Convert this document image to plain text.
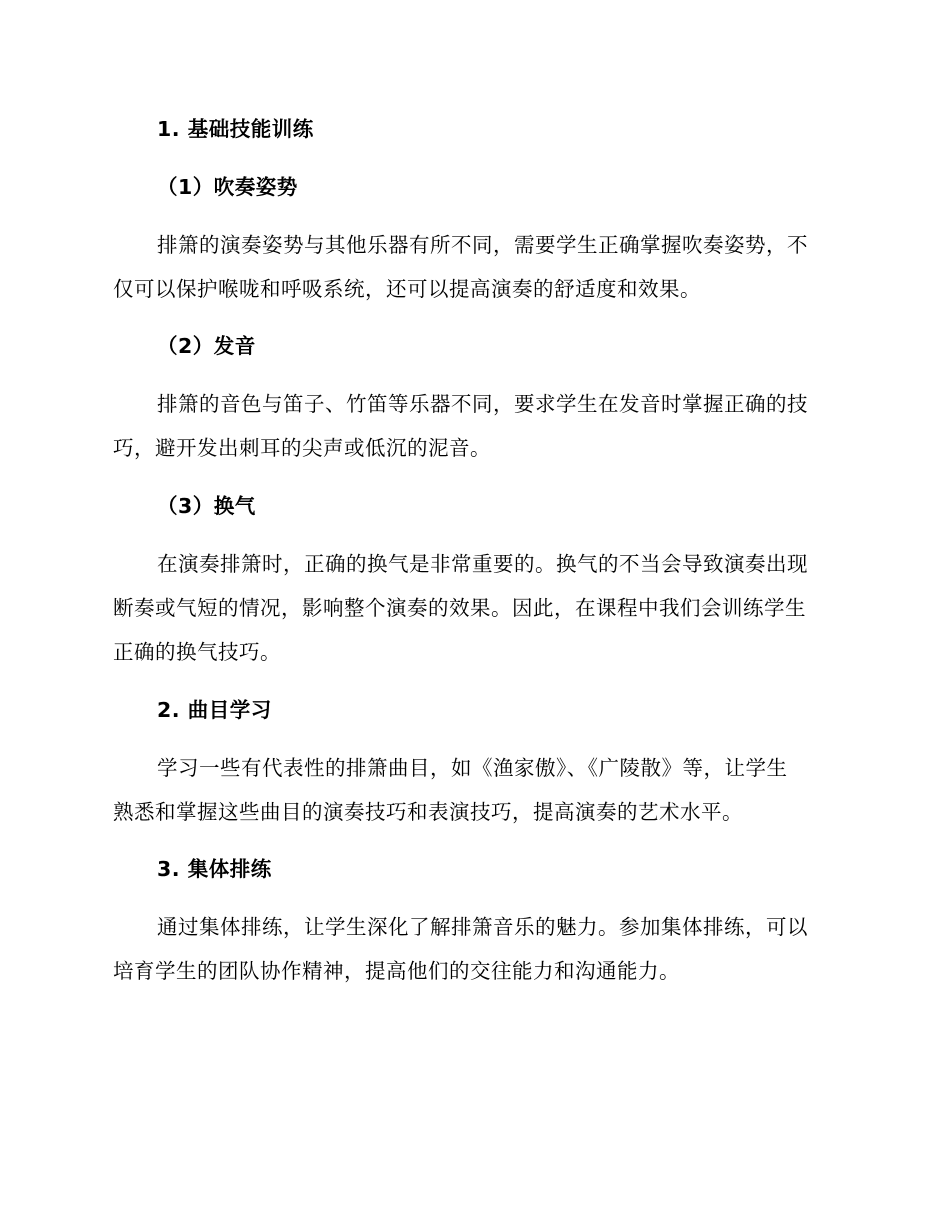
1. 基础技能训练
（1）吹奏姿势
排箫的演奏姿势与其他乐器有所不同，需要学生正确掌握吹奏姿势，不
仅可以保护喉咙和呼吸系统，还可以提高演奏的舒适度和效果。
（2）发音
排箫的音色与笛子、竹笛等乐器不同，要求学生在发音时掌握正确的技
巧，避开发出刺耳的尖声或低沉的泥音。
（3）换气
在演奏排箫时，正确的换气是非常重要的。换气的不当会导致演奏出现
断奏或气短的情况，影响整个演奏的效果。因此，在课程中我们会训练学生
正确的换气技巧。
2. 曲目学习
学习一些有代表性的排箫曲目，如《渔家傲》、《广陵散》等，让学生
熟悉和掌握这些曲目的演奏技巧和表演技巧，提高演奏的艺术水平。
3. 集体排练
通过集体排练，让学生深化了解排箫音乐的魅力。参加集体排练，可以
培育学生的团队协作精神，提高他们的交往能力和沟通能力。
